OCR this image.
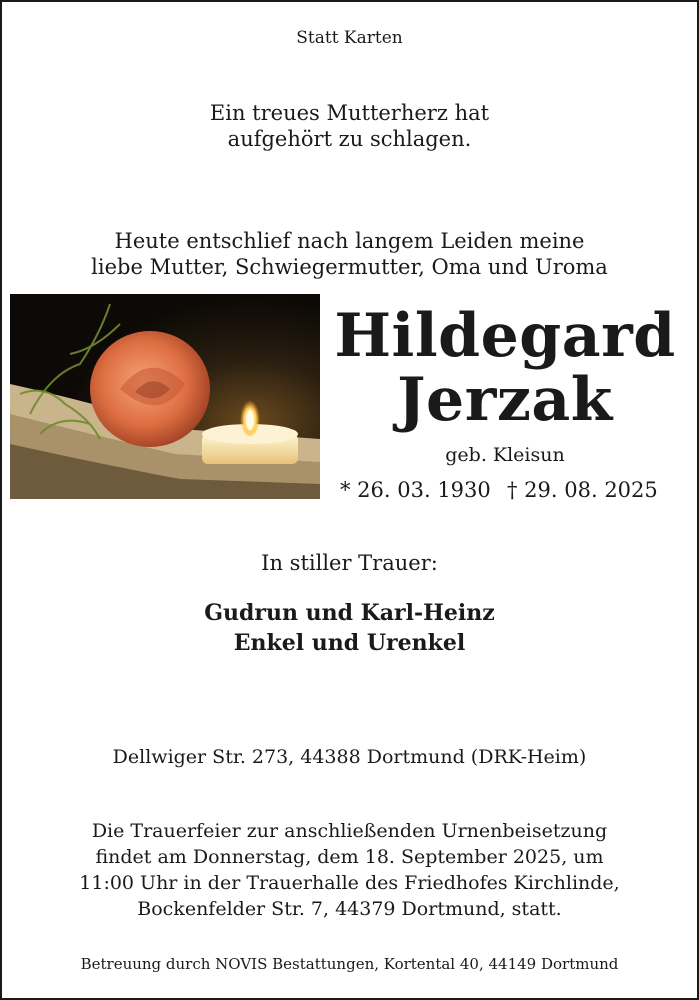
Statt Karten
Ein treues Mutterherz hat
aufgehört zu schlagen.
Heute entschlief nach langem Leiden meine
liebe Mutter, Schwiegermutter, Oma und Uroma
Hildegard
Jerzak
geb. Kleisun
* 26. 03. 1930 † 29. 08. 2025
In stiller Trauer:
Gudrun und Karl-Heinz
Enkel und Urenkel
Dellwiger Str. 273, 44388 Dortmund (DRK-Heim)
Die Trauerfeier zur anschließenden Urnenbeisetzung
findet am Donnerstag, dem 18. September 2025, um
11:00 Uhr in der Trauerhalle des Friedhofes Kirchlinde,
Bockenfelder Str. 7, 44379 Dortmund, statt.
Betreuung durch NOVIS Bestattungen, Kortental 40, 44149 Dortmund
